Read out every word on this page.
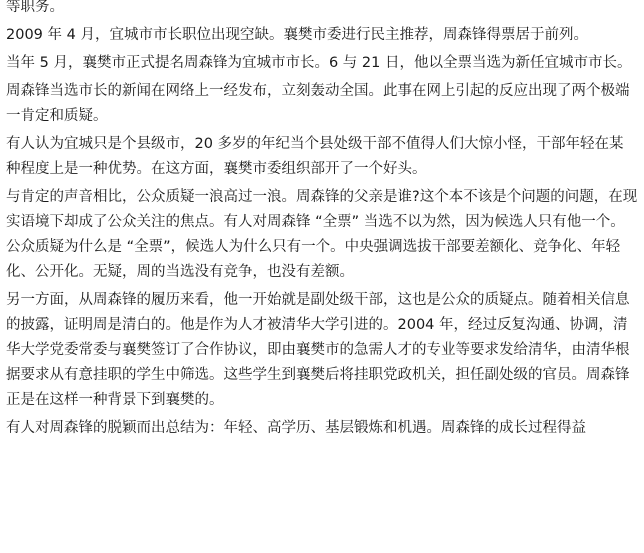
等职务。

2009 年 4 月，宜城市市长职位出现空缺。襄樊市委进行民主推荐，周森锋得票居于前列。

当年 5 月，襄樊市正式提名周森锋为宜城市市长。6 与 21 日，他以全票当选为新任宜城市市长。

周森锋当选市长的新闻在网络上一经发布，立刻轰动全国。此事在网上引起的反应出现了两个极端一肯定和质疑。

有人认为宜城只是个县级市，20 多岁的年纪当个县处级干部不值得人们大惊小怪，干部年轻在某种程度上是一种优势。在这方面，襄樊市委组织部开了一个好头。

与肯定的声音相比，公众质疑一浪高过一浪。周森锋的父亲是谁?这个本不该是个问题的问题，在现实语境下却成了公众关注的焦点。有人对周森锋 “全票” 当选不以为然，因为候选人只有他一个。公众质疑为什么是 “全票”，候选人为什么只有一个。中央强调选拔干部要差额化、竞争化、年轻化、公开化。无疑，周的当选没有竞争，也没有差额。

另一方面，从周森锋的履历来看，他一开始就是副处级干部，这也是公众的质疑点。随着相关信息的披露，证明周是清白的。他是作为人才被清华大学引进的。2004 年，经过反复沟通、协调，清华大学党委常委与襄樊签订了合作协议，即由襄樊市的急需人才的专业等要求发给清华，由清华根据要求从有意挂职的学生中筛选。这些学生到襄樊后将挂职党政机关，担任副处级的官员。周森锋正是在这样一种背景下到襄樊的。

有人对周森锋的脱颖而出总结为：年轻、高学历、基层锻炼和机遇。周森锋的成长过程得益
